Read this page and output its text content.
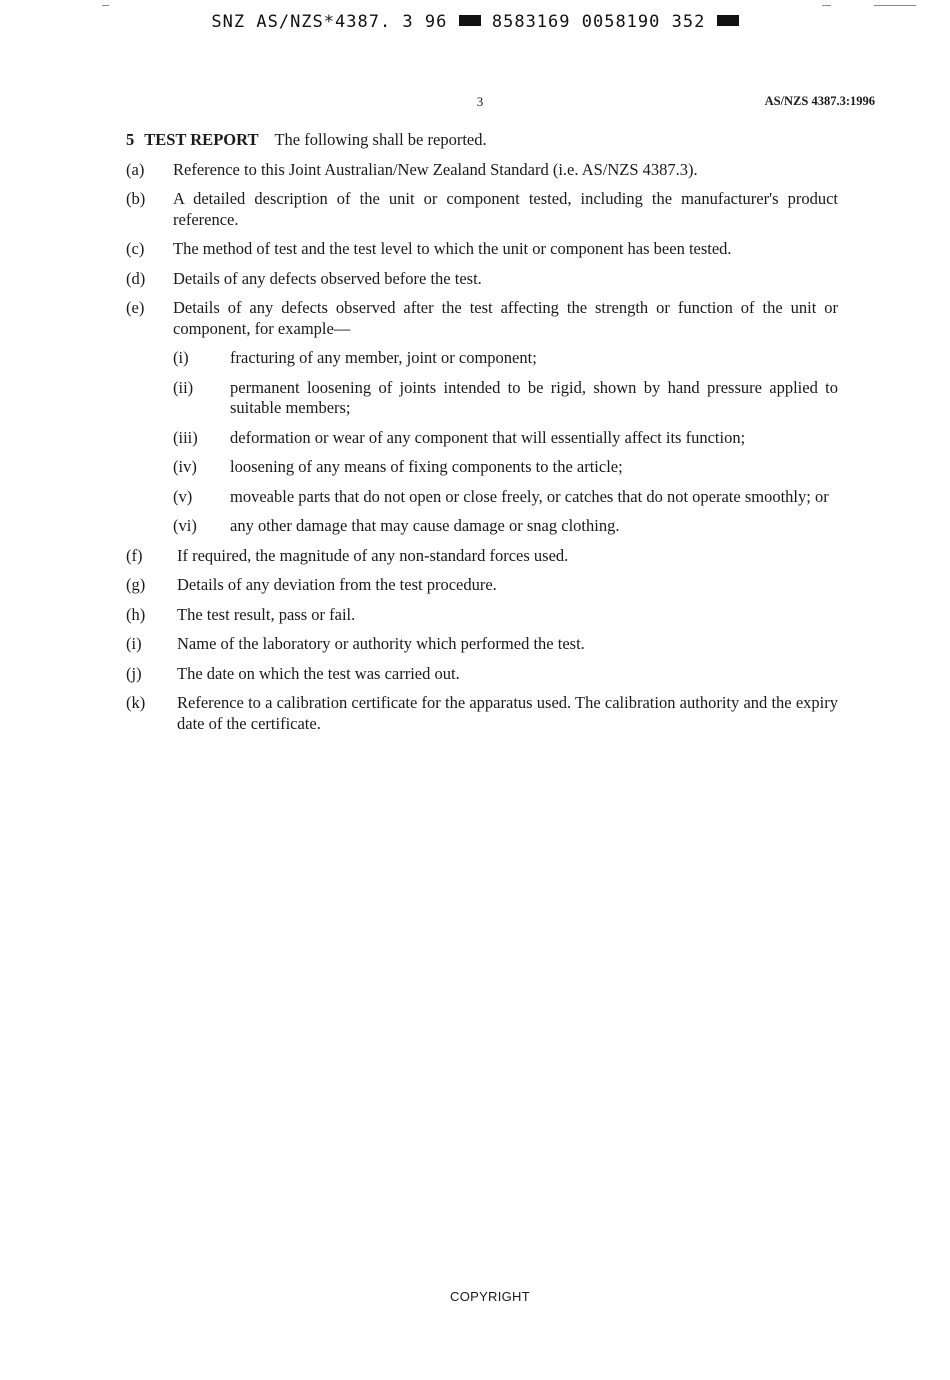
SNZ AS/NZS*4387. 3 96	8583169 0058190 352
3	AS/NZS 4387.3:1996
5 TEST REPORT The following shall be reported.
(a)	Reference to this Joint Australian/New Zealand Standard (i.e. AS/NZS 4387.3).
(b)	A detailed description of the unit or component tested, including the manufacturer's product reference.
(c)	The method of test and the test level to which the unit or component has been tested.
(d)	Details of any defects observed before the test.
(e)	Details of any defects observed after the test affecting the strength or function of the unit or component, for example—
(i)	fracturing of any member, joint or component;
(ii)	permanent loosening of joints intended to be rigid, shown by hand pressure applied to suitable members;
(iii)	deformation or wear of any component that will essentially affect its function;
(iv)	loosening of any means of fixing components to the article;
(v)	moveable parts that do not open or close freely, or catches that do not operate smoothly; or
(vi)	any other damage that may cause damage or snag clothing.
(f)	If required, the magnitude of any non-standard forces used.
(g)	Details of any deviation from the test procedure.
(h)	The test result, pass or fail.
(i)	Name of the laboratory or authority which performed the test.
(j)	The date on which the test was carried out.
(k)	Reference to a calibration certificate for the apparatus used. The calibration authority and the expiry date of the certificate.
COPYRIGHT
